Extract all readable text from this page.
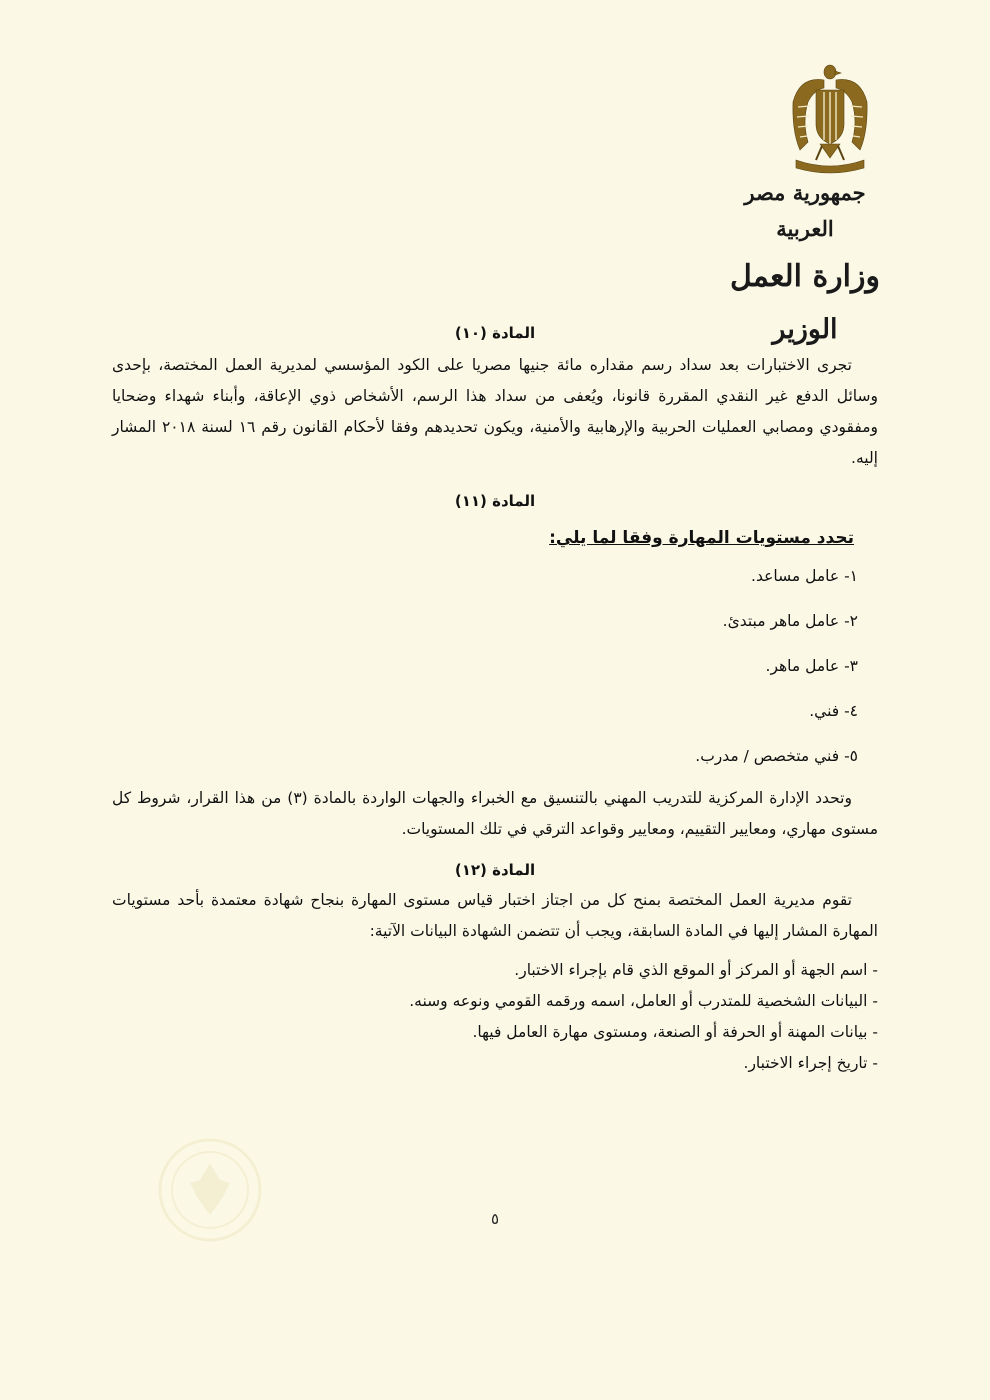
جمهورية مصر العربية
وزارة العمل
الوزير
المادة (١٠)

تجرى الاختبارات بعد سداد رسم مقداره مائة جنيها مصريا على الكود المؤسسي لمديرية العمل المختصة، بإحدى وسائل الدفع غير النقدي المقررة قانونا، ويُعفى من سداد هذا الرسم، الأشخاص ذوي الإعاقة، وأبناء شهداء وضحايا ومفقودي ومصابي العمليات الحربية والإرهابية والأمنية، ويكون تحديدهم وفقا لأحكام القانون رقم ١٦ لسنة ٢٠١٨ المشار إليه.

المادة (١١)
تحدد مستويات المهارة وفقا لما يلي:
١- عامل مساعد.
٢- عامل ماهر مبتدئ.
٣- عامل ماهر.
٤- فني.
٥- فني متخصص / مدرب.

وتحدد الإدارة المركزية للتدريب المهني بالتنسيق مع الخبراء والجهات الواردة بالمادة (٣) من هذا القرار، شروط كل مستوى مهاري، ومعايير التقييم، ومعايير وقواعد الترقي في تلك المستويات.

المادة (١٢)

تقوم مديرية العمل المختصة بمنح كل من اجتاز اختبار قياس مستوى المهارة بنجاح شهادة معتمدة بأحد مستويات المهارة المشار إليها في المادة السابقة، ويجب أن تتضمن الشهادة البيانات الآتية:

- اسم الجهة أو المركز أو الموقع الذي قام بإجراء الاختبار.
- البيانات الشخصية للمتدرب أو العامل، اسمه ورقمه القومي ونوعه وسنه.
- بيانات المهنة أو الحرفة أو الصنعة، ومستوى مهارة العامل فيها.
- تاريخ إجراء الاختبار.
٥
